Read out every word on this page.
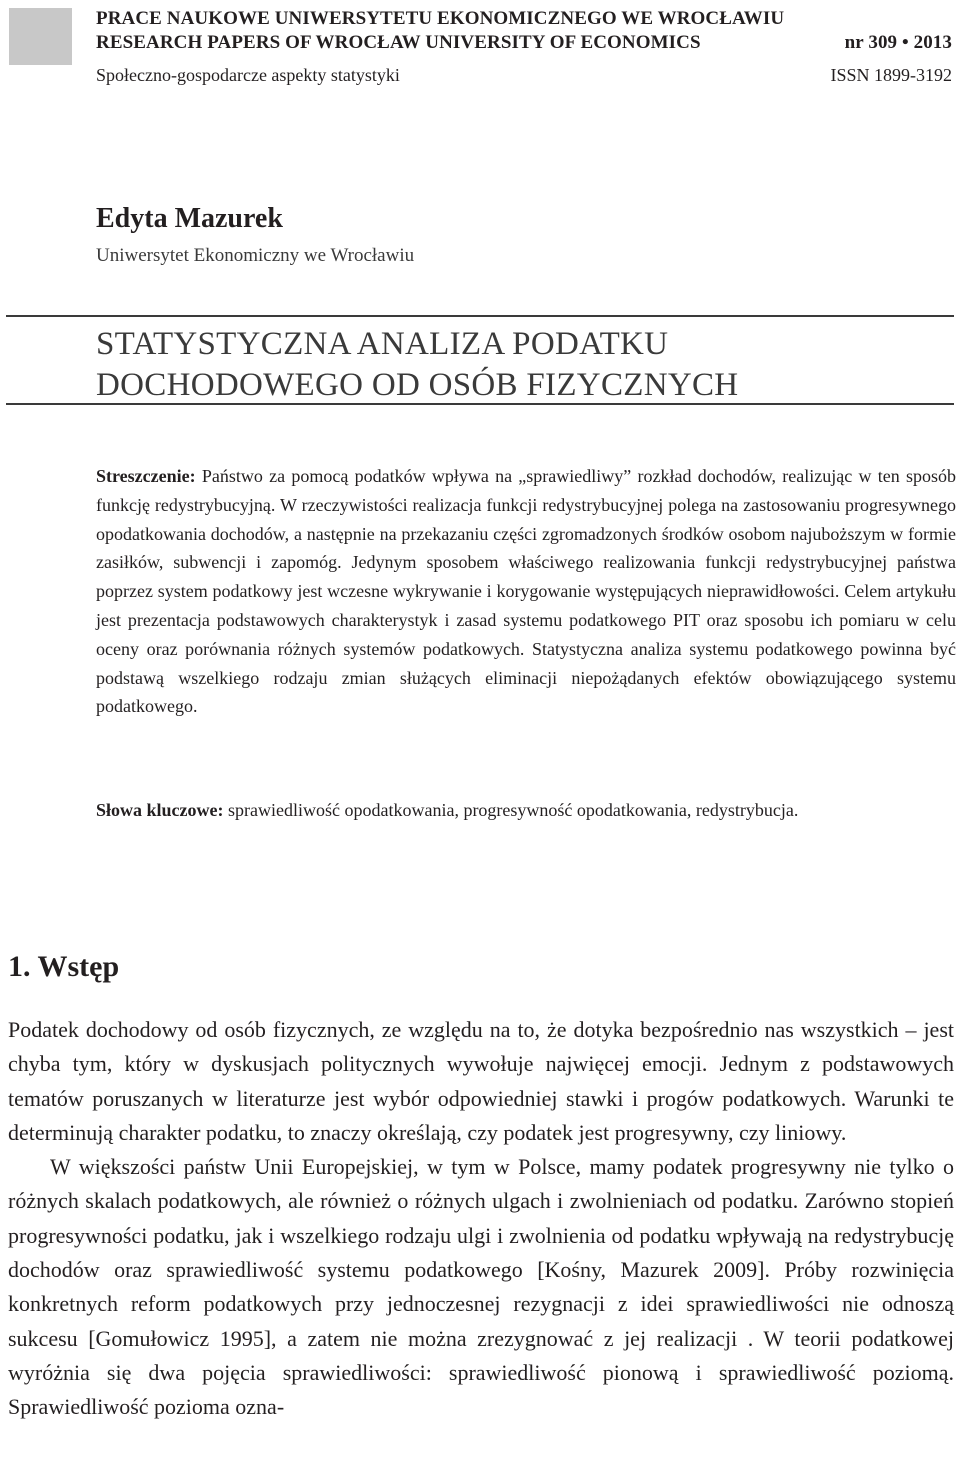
PRACE NAUKOWE UNIWERSYTETU EKONOMICZNEGO WE WROCŁAWIU
RESEARCH PAPERS OF WROCŁAW UNIVERSITY OF ECONOMICS	nr 309 • 2013
Społeczno-gospodarcze aspekty statystyki	ISSN 1899-3192
Edyta Mazurek
Uniwersytet Ekonomiczny we Wrocławiu
STATYSTYCZNA ANALIZA PODATKU
DOCHODOWEGO OD OSÓB FIZYCZNYCH
Streszczenie: Państwo za pomocą podatków wpływa na „sprawiedliwy” rozkład dochodów, realizując w ten sposób funkcję redystrybucyjną. W rzeczywistości realizacja funkcji redystrybucyjnej polega na zastosowaniu progresywnego opodatkowania dochodów, a następnie na przekazaniu części zgromadzonych środków osobom najuboższym w formie zasiłków, subwencji i zapomóg. Jedynym sposobem właściwego realizowania funkcji redystrybucyjnej państwa poprzez system podatkowy jest wczesne wykrywanie i korygowanie występujących nieprawidłowości. Celem artykułu jest prezentacja podstawowych charakterystyk i zasad systemu podatkowego PIT oraz sposobu ich pomiaru w celu oceny oraz porównania różnych systemów podatkowych. Statystyczna analiza systemu podatkowego powinna być podstawą wszelkiego rodzaju zmian służących eliminacji niepożądanych efektów obowiązującego systemu podatkowego.
Słowa kluczowe: sprawiedliwość opodatkowania, progresywność opodatkowania, redystrybucja.
1. Wstęp

Podatek dochodowy od osób fizycznych, ze względu na to, że dotyka bezpośrednio nas wszystkich – jest chyba tym, który w dyskusjach politycznych wywołuje najwięcej emocji. Jednym z podstawowych tematów poruszanych w literaturze jest wybór odpowiedniej stawki i progów podatkowych. Warunki te determinują charakter podatku, to znaczy określają, czy podatek jest progresywny, czy liniowy.

W większości państw Unii Europejskiej, w tym w Polsce, mamy podatek progresywny nie tylko o różnych skalach podatkowych, ale również o różnych ulgach i zwolnieniach od podatku. Zarówno stopień progresywności podatku, jak i wszelkiego rodzaju ulgi i zwolnienia od podatku wpływają na redystrybucję dochodów oraz sprawiedliwość systemu podatkowego [Kośny, Mazurek 2009]. Próby rozwinięcia konkretnych reform podatkowych przy jednoczesnej rezygnacji z idei sprawiedliwości nie odnoszą sukcesu [Gomułowicz 1995], a zatem nie można zrezygnować z jej realizacji . W teorii podatkowej wyróżnia się dwa pojęcia sprawiedliwości: sprawiedliwość pionową i sprawiedliwość poziomą. Sprawiedliwość pozioma ozna-
